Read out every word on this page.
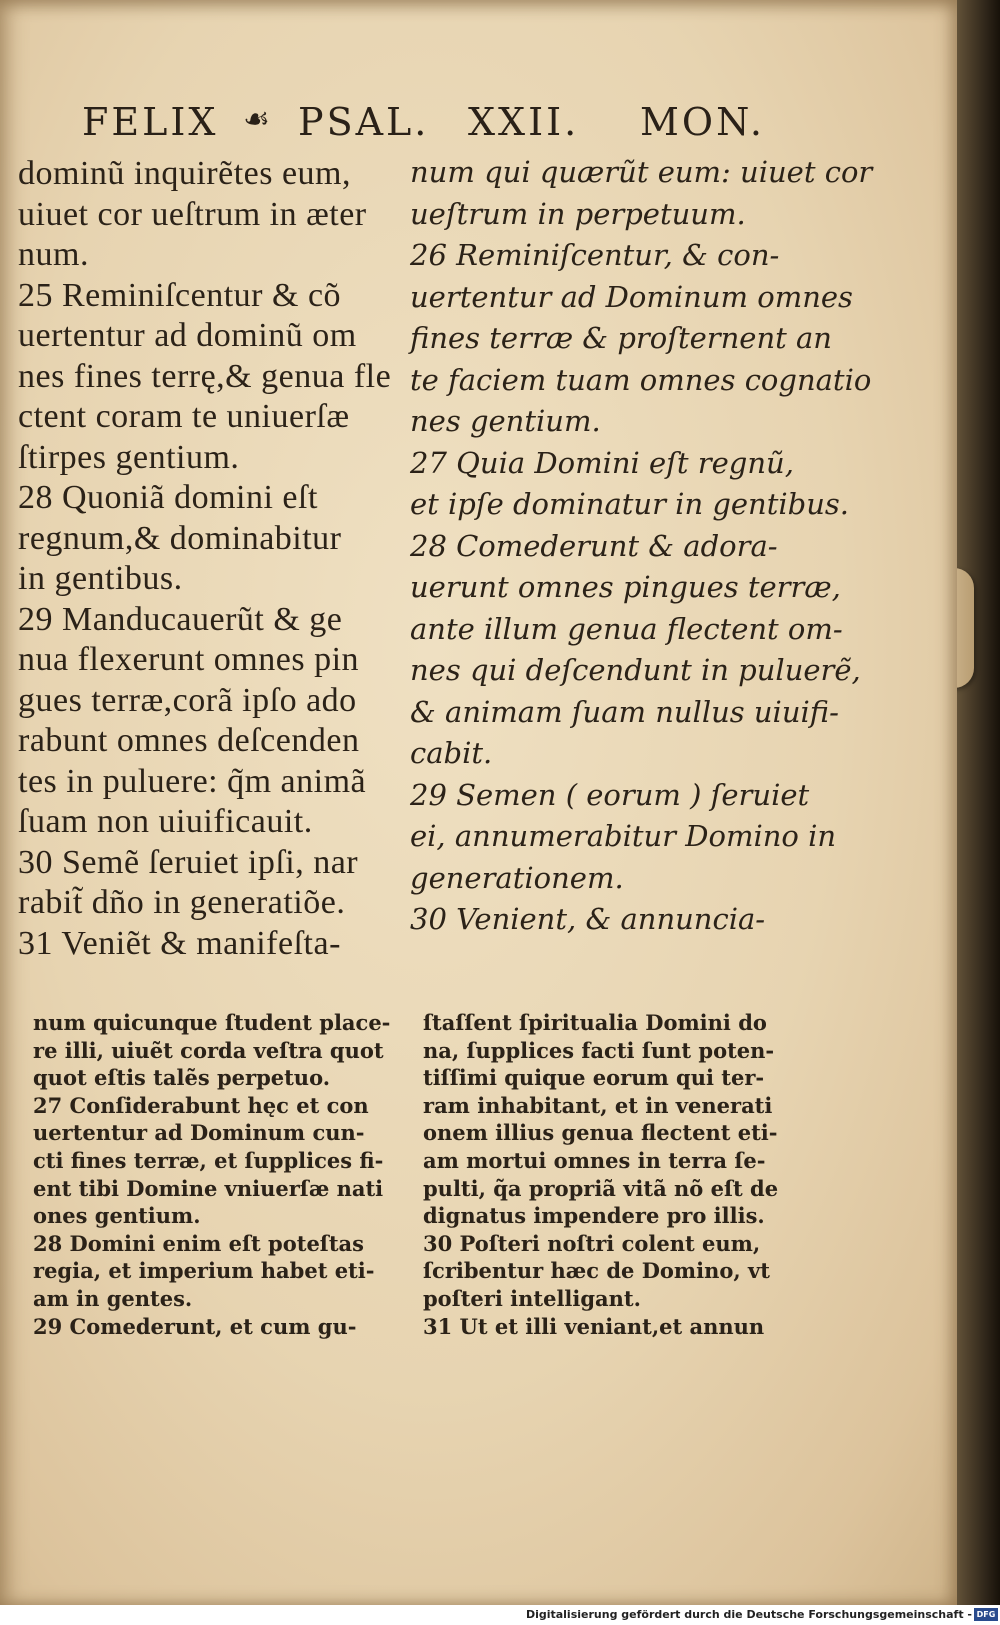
FELIX ☙ PSAL. XXII. MON.
dominũ inquirẽtes eum,
uiuet cor ueſtrum in æter
num.
25 Reminiſcentur & cõ
uertentur ad dominũ om
nes fines terrę,& genua fle
ctent coram te uniuerſæ
ſtirpes gentium.
28 Quoniã domini eſt
regnum,& dominabitur
in gentibus.
29 Manducauerũt & ge
nua flexerunt omnes pin
gues terræ,corã ipſo ado
rabunt omnes deſcenden
tes in puluere: q̃m animã
ſuam non uiuificauit.
30 Semẽ ſeruiet ipſi, nar
rabit̃ dño in generatiõe.
31 Veniẽt & manifeſta-
num qui quærũt eum: uiuet cor
ueſtrum in perpetuum.
26 Reminiſcentur, & con-
uertentur ad Dominum omnes
fines terræ & proſternent an
te faciem tuam omnes cognatio
nes gentium.
27 Quia Domini eſt regnũ,
et ipſe dominatur in gentibus.
28 Comederunt & adora-
uerunt omnes pingues terræ,
ante illum genua flectent om-
nes qui deſcendunt in puluerẽ,
& animam ſuam nullus uiuifi-
cabit.
29 Semen ( eorum ) ſeruiet
ei, annumerabitur Domino in
generationem.
30 Venient, & annuncia-
num quicunque ſtudent place-
re illi, uiuẽt corda veſtra quot
quot eſtis talẽs perpetuo.
27 Conſiderabunt hęc et con
uertentur ad Dominum cun-
cti fines terræ, et ſupplices fi-
ent tibi Domine vniuerſæ nati
ones gentium.
28 Domini enim eſt poteſtas
regia, et imperium habet eti-
am in gentes.
29 Comederunt, et cum gu-
ſtaſſent ſpiritualia Domini do
na, ſupplices facti ſunt poten-
tiſſimi quique eorum qui ter-
ram inhabitant, et in venerati
onem illius genua flectent eti-
am mortui omnes in terra ſe-
pulti, q̃a propriã vitã nõ eſt de
dignatus impendere pro illis.
30 Poſteri noſtri colent eum,
ſcribentur hæc de Domino, vt
poſteri intelligant.
31 Ut et illi veniant,et annun
Digitalisierung gefördert durch die Deutsche Forschungsgemeinschaft - DFG
